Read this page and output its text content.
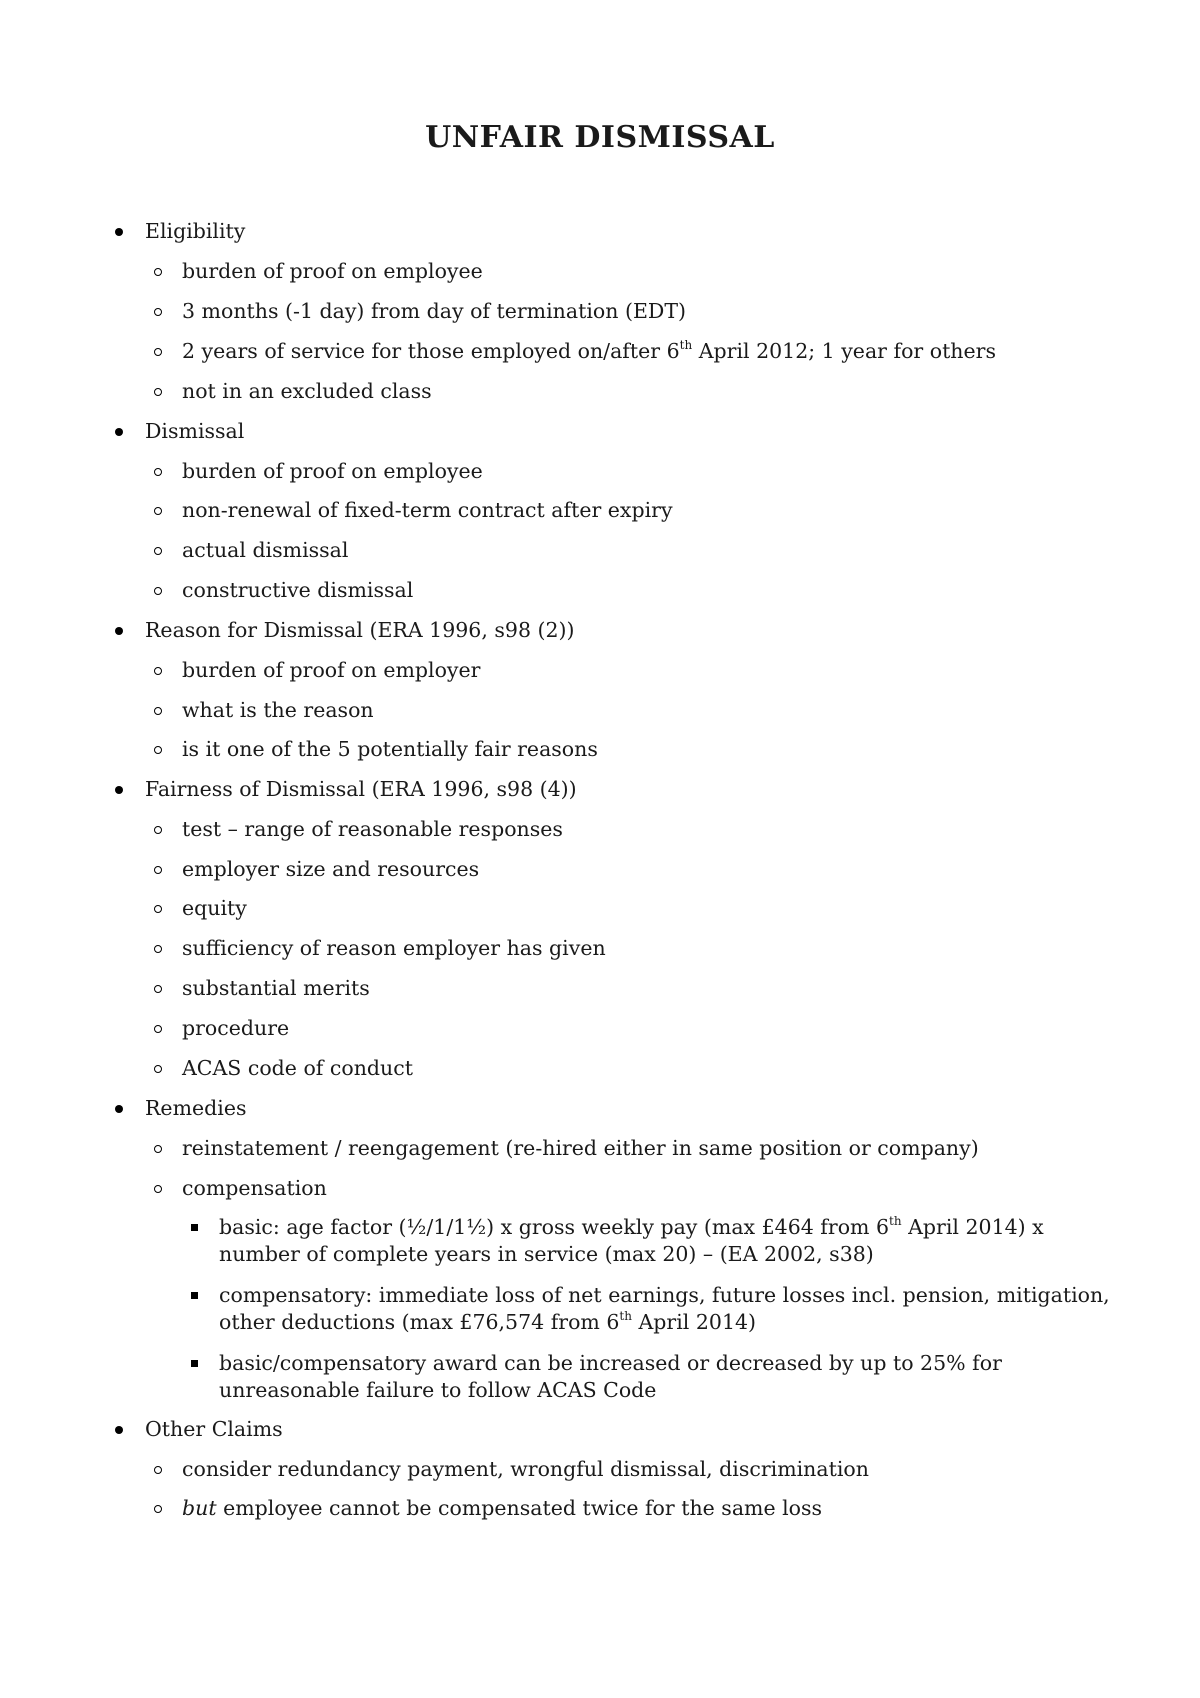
UNFAIR DISMISSAL
Eligibility
burden of proof on employee
3 months (-1 day) from day of termination (EDT)
2 years of service for those employed on/after 6th April 2012; 1 year for others
not in an excluded class
Dismissal
burden of proof on employee
non-renewal of fixed-term contract after expiry
actual dismissal
constructive dismissal
Reason for Dismissal (ERA 1996, s98 (2))
burden of proof on employer
what is the reason
is it one of the 5 potentially fair reasons
Fairness of Dismissal (ERA 1996, s98 (4))
test – range of reasonable responses
employer size and resources
equity
sufficiency of reason employer has given
substantial merits
procedure
ACAS code of conduct
Remedies
reinstatement / reengagement (re-hired either in same position or company)
compensation
basic: age factor (½/1/1½) x gross weekly pay (max £464 from 6th April 2014) x number of complete years in service (max 20) – (EA 2002, s38)
compensatory: immediate loss of net earnings, future losses incl. pension, mitigation, other deductions (max £76,574 from 6th April 2014)
basic/compensatory award can be increased or decreased by up to 25% for unreasonable failure to follow ACAS Code
Other Claims
consider redundancy payment, wrongful dismissal, discrimination
but employee cannot be compensated twice for the same loss
